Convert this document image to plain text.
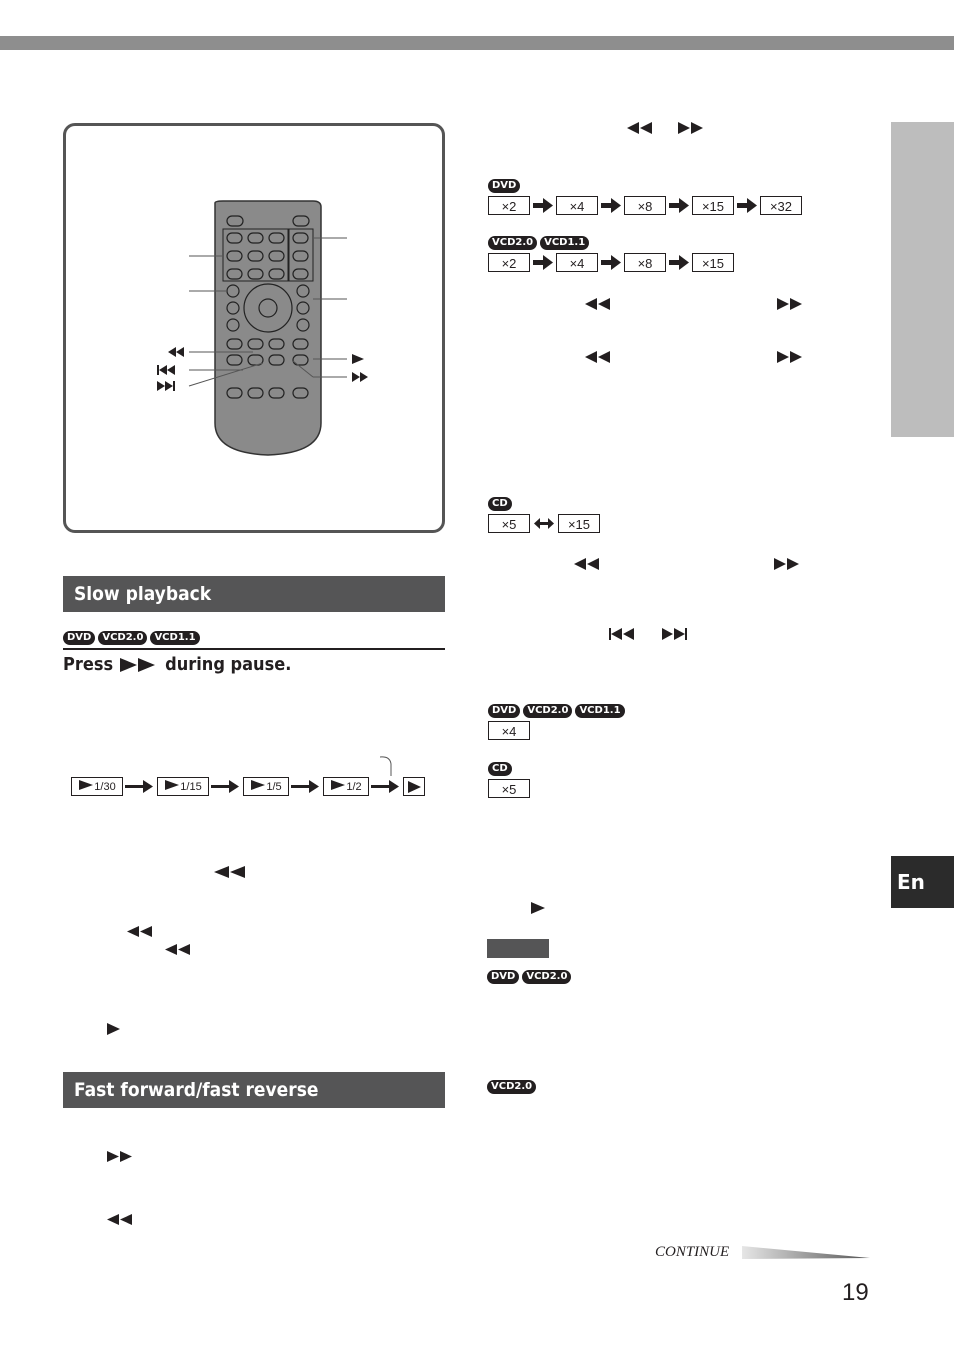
En
Slow playback
DVD VCD2.0 VCD1.1
Press	during pause.
1/30	1/15	1/5	1/2
Fast forward/fast reverse
DVD
×2	×4	×8	×15	×32
VCD2.0 VCD1.1
×2	×4	×8	×15
CD
×5	×15
DVD VCD2.0 VCD1.1
×4
CD
×5
DVD VCD2.0
VCD2.0
CONTINUE
19
